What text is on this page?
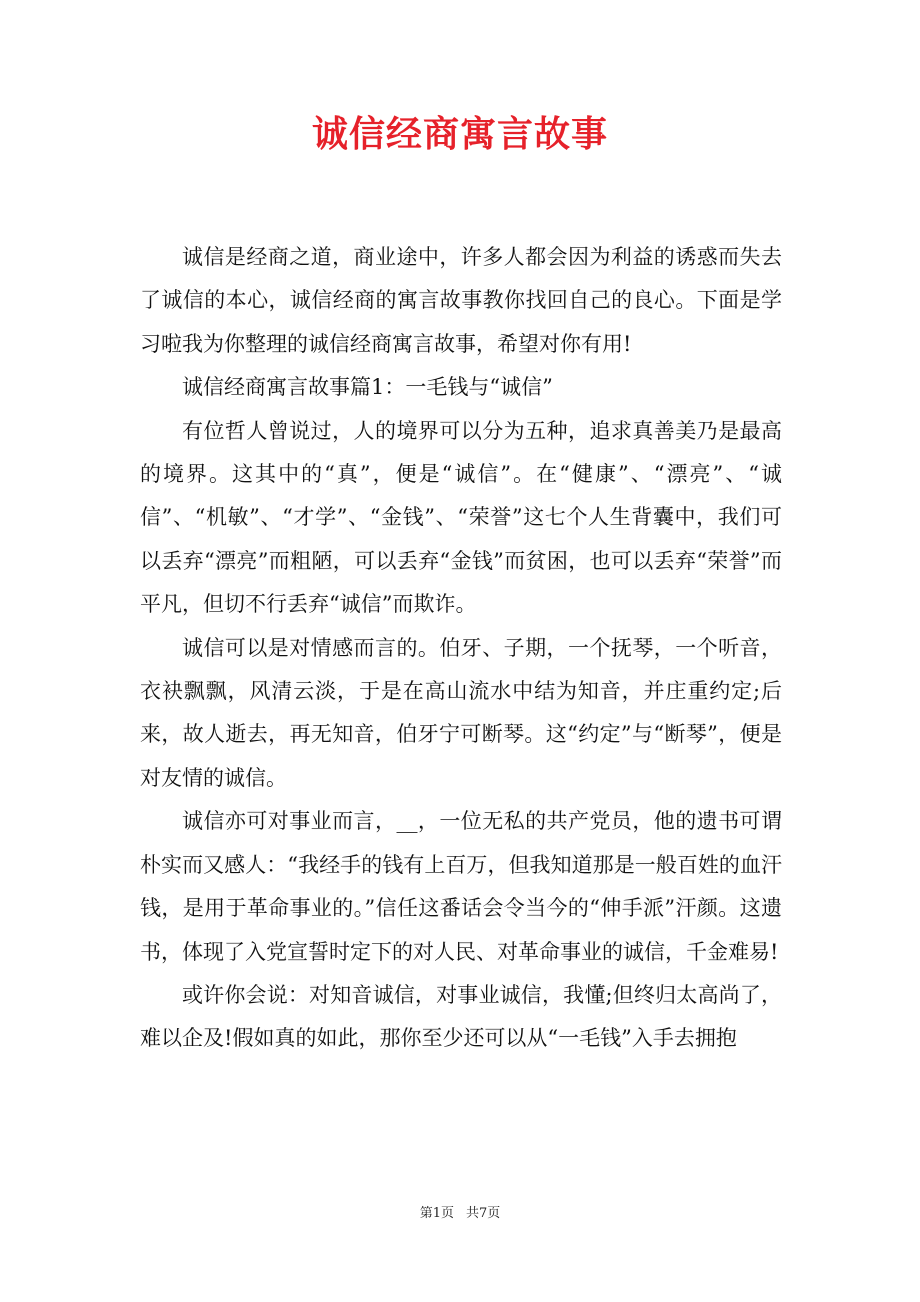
诚信经商寓言故事

诚信是经商之道，商业途中，许多人都会因为利益的诱惑而失去了诚信的本心，诚信经商的寓言故事教你找回自己的良心。下面是学习啦我为你整理的诚信经商寓言故事，希望对你有用!

诚信经商寓言故事篇1：一毛钱与“诚信”

有位哲人曾说过，人的境界可以分为五种，追求真善美乃是最高的境界。这其中的“真”，便是“诚信”。在“健康”、“漂亮”、“诚信”、“机敏”、“才学”、“金钱”、“荣誉”这七个人生背囊中，我们可以丢弃“漂亮”而粗陋，可以丢弃“金钱”而贫困，也可以丢弃“荣誉”而平凡，但切不行丢弃“诚信”而欺诈。

诚信可以是对情感而言的。伯牙、子期，一个抚琴，一个听音，衣袂飘飘，风清云淡，于是在高山流水中结为知音，并庄重约定;后来，故人逝去，再无知音，伯牙宁可断琴。这“约定”与“断琴”，便是对友情的诚信。

诚信亦可对事业而言，__，一位无私的共产党员，他的遗书可谓朴实而又感人：“我经手的钱有上百万，但我知道那是一般百姓的血汗钱，是用于革命事业的。”信任这番话会令当今的“伸手派”汗颜。这遗书，体现了入党宣誓时定下的对人民、对革命事业的诚信，千金难易!

或许你会说：对知音诚信，对事业诚信，我懂;但终归太高尚了，难以企及!假如真的如此，那你至少还可以从“一毛钱”入手去拥抱

第1页 共7页
